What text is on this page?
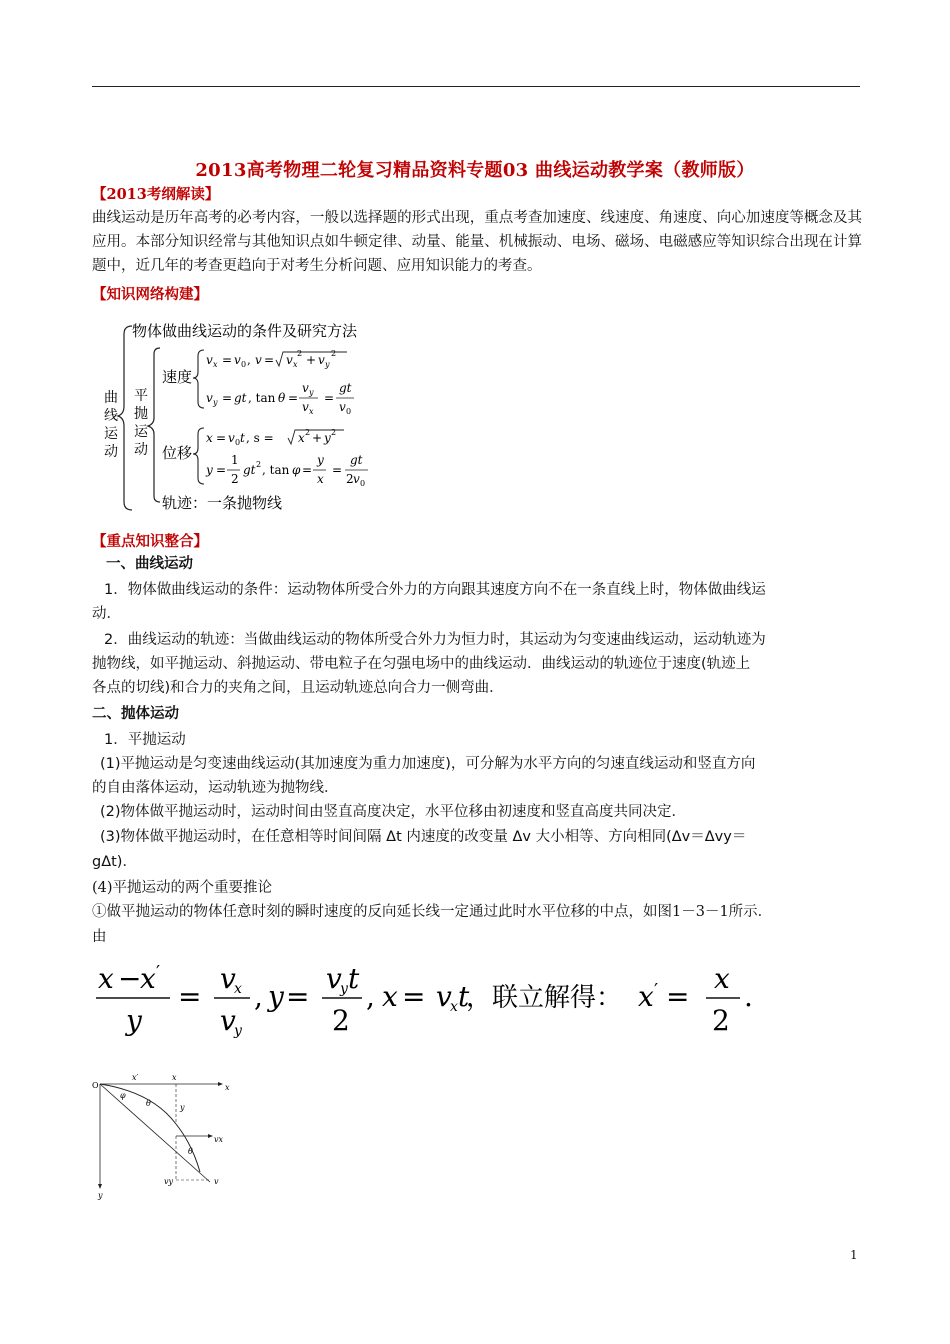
2013高考物理二轮复习精品资料专题03 曲线运动教学案（教师版）
【2013考纲解读】
曲线运动是历年高考的必考内容，一般以选择题的形式出现，重点考查加速度、线速度、角速度、向心加速度等概念及其应用。本部分知识经常与其他知识点如牛顿定律、动量、能量、机械振动、电场、磁场、电磁感应等知识综合出现在计算题中，近几年的考查更趋向于对考生分析问题、应用知识能力的考查。
【知识网络构建】
曲
线
运
动
物体做曲线运动的条件及研究方法
平
抛
运
动
速度
位移
轨迹：一条抛物线
v x = v 0 , v = v x
2 + v y
2
v y = gt , tan θ =
v y
v x
=
gt
v 0
x = v 0 t , s = x 2 + y 2
y =
1
2
gt 2 , tan φ =
y
x
=
gt
2 v 0
【重点知识整合】
一、曲线运动
1．物体做曲线运动的条件：运动物体所受合外力的方向跟其速度方向不在一条直线上时，物体做曲线运
动．
2．曲线运动的轨迹：当做曲线运动的物体所受合外力为恒力时，其运动为匀变速曲线运动，运动轨迹为
抛物线，如平抛运动、斜抛运动、带电粒子在匀强电场中的曲线运动．曲线运动的轨迹位于速度(轨迹上
各点的切线)和合力的夹角之间，且运动轨迹总向合力一侧弯曲．
二、抛体运动
1．平抛运动
(1)平抛运动是匀变速曲线运动(其加速度为重力加速度)，可分解为水平方向的匀速直线运动和竖直方向
的自由落体运动，运动轨迹为抛物线．
(2)物体做平抛运动时，运动时间由竖直高度决定，水平位移由初速度和竖直高度共同决定．
(3)物体做平抛运动时，在任意相等时间间隔 Δt 内速度的改变量 Δv 大小相等、方向相同(Δv＝Δvy＝
gΔt)．
(4)平抛运动的两个重要推论
①做平抛运动的物体任意时刻的瞬时速度的反向延长线一定通过此时水平位移的中点，如图1－3－1所示．
由
x −
x ′
y
=
v
x
v
y
, y =
v
y t
2
, x = v
x t
，联立解得： x ′ =
x
2
.
O	x
y
x′	x
φ
θ	y
vx
θ
vy	v
1
